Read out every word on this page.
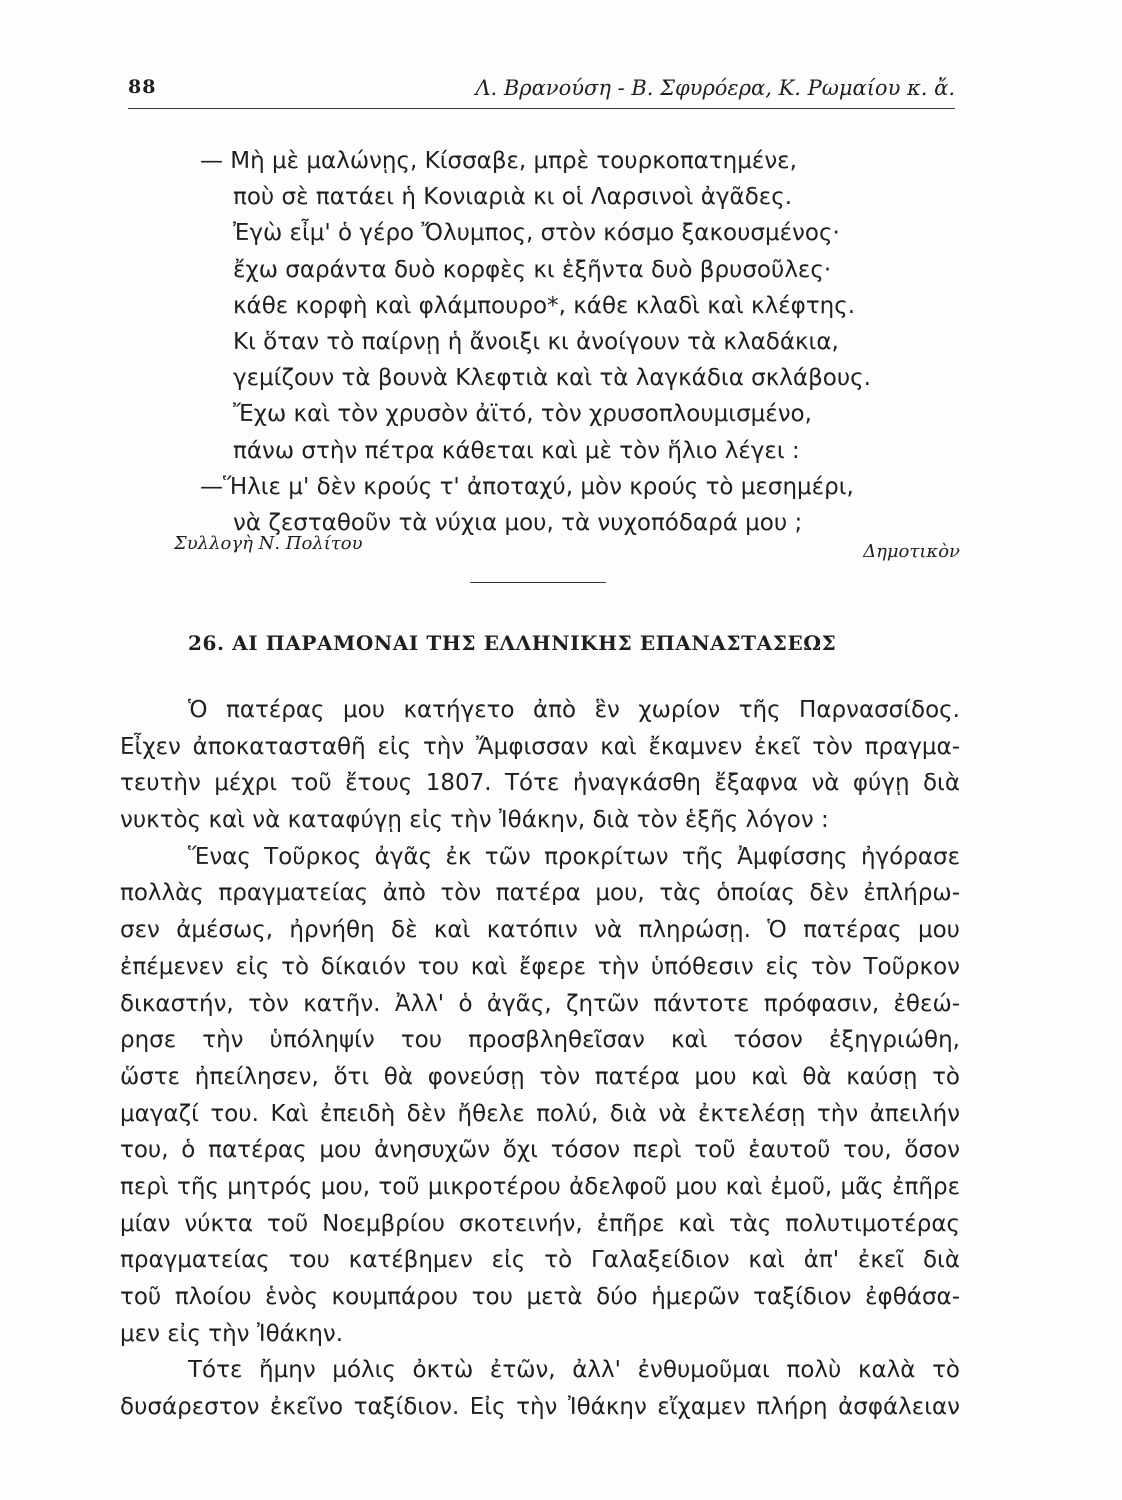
88	Λ. Βρανούση - Β. Σφυρόερα, Κ. Ρωμαίου κ. ἄ.
— Μὴ μὲ μαλώνῃς, Κίσσαβε, μπρὲ τουρκοπατημένε,
ποὺ σὲ πατάει ἡ Κονιαριὰ κι οἱ Λαρσινοὶ ἀγᾶδες.
Ἐγὼ εἶμ' ὁ γέρο Ὄλυμπος, στὸν κόσμο ξακουσμένος·
ἔχω σαράντα δυὸ κορφὲς κι ἑξῆντα δυὸ βρυσοῦλες·
κάθε κορφὴ καὶ φλάμπουρο*, κάθε κλαδὶ καὶ κλέφτης.
Κι ὅταν τὸ παίρνῃ ἡ ἄνοιξι κι ἀνοίγουν τὰ κλαδάκια,
γεμίζουν τὰ βουνὰ Κλεφτιὰ καὶ τὰ λαγκάδια σκλάβους.
Ἔχω καὶ τὸν χρυσὸν ἀϊτό, τὸν χρυσοπλουμισμένο,
πάνω στὴν πέτρα κάθεται καὶ μὲ τὸν ἥλιο λέγει :
—Ἥλιε μ' δὲν κρούς τ' ἀποταχύ, μὸν κρούς τὸ μεσημέρι,
νὰ ζεσταθοῦν τὰ νύχια μου, τὰ νυχοπόδαρά μου ;
Συλλογὴ Ν. Πολίτου	Δημοτικὸν
26. ΑΙ ΠΑΡΑΜΟΝΑΙ ΤΗΣ ΕΛΛΗΝΙΚΗΣ ΕΠΑΝΑΣΤΑΣΕΩΣ
Ὁ πατέρας μου κατήγετο ἀπὸ ἓν χωρίον τῆς Παρνασσίδος.
Εἶχεν ἀποκατασταθῆ εἰς τὴν Ἄμφισσαν καὶ ἔκαμνεν ἐκεῖ τὸν πραγμα-
τευτὴν μέχρι τοῦ ἔτους 1807. Τότε ἠναγκάσθη ἔξαφνα νὰ φύγῃ διὰ
νυκτὸς καὶ νὰ καταφύγῃ εἰς τὴν Ἰθάκην, διὰ τὸν ἑξῆς λόγον :
Ἕνας Τοῦρκος ἀγᾶς ἐκ τῶν προκρίτων τῆς Ἀμφίσσης ἠγόρασε
πολλὰς πραγματείας ἀπὸ τὸν πατέρα μου, τὰς ὁποίας δὲν ἐπλήρω-
σεν ἀμέσως, ἠρνήθη δὲ καὶ κατόπιν νὰ πληρώσῃ. Ὁ πατέρας μου
ἐπέμενεν εἰς τὸ δίκαιόν του καὶ ἔφερε τὴν ὑπόθεσιν εἰς τὸν Τοῦρκον
δικαστήν, τὸν κατῆν. Ἀλλ' ὁ ἀγᾶς, ζητῶν πάντοτε πρόφασιν, ἐθεώ-
ρησε τὴν ὑπόληψίν του προσβληθεῖσαν καὶ τόσον ἐξηγριώθη,
ὥστε ἠπείλησεν, ὅτι θὰ φονεύσῃ τὸν πατέρα μου καὶ θὰ καύσῃ τὸ
μαγαζί του. Καὶ ἐπειδὴ δὲν ἤθελε πολύ, διὰ νὰ ἐκτελέσῃ τὴν ἀπειλήν
του, ὁ πατέρας μου ἀνησυχῶν ὄχι τόσον περὶ τοῦ ἑαυτοῦ του, ὅσον
περὶ τῆς μητρός μου, τοῦ μικροτέρου ἀδελφοῦ μου καὶ ἐμοῦ, μᾶς ἐπῆρε
μίαν νύκτα τοῦ Νοεμβρίου σκοτεινήν, ἐπῆρε καὶ τὰς πολυτιμοτέρας
πραγματείας του κατέβημεν εἰς τὸ Γαλαξείδιον καὶ ἀπ' ἐκεῖ διὰ
τοῦ πλοίου ἑνὸς κουμπάρου του μετὰ δύο ἡμερῶν ταξίδιον ἐφθάσα-
μεν εἰς τὴν Ἰθάκην.
Τότε ἤμην μόλις ὀκτὼ ἐτῶν, ἀλλ' ἐνθυμοῦμαι πολὺ καλὰ τὸ
δυσάρεστον ἐκεῖνο ταξίδιον. Εἰς τὴν Ἰθάκην εἴχαμεν πλήρη ἀσφάλειαν
